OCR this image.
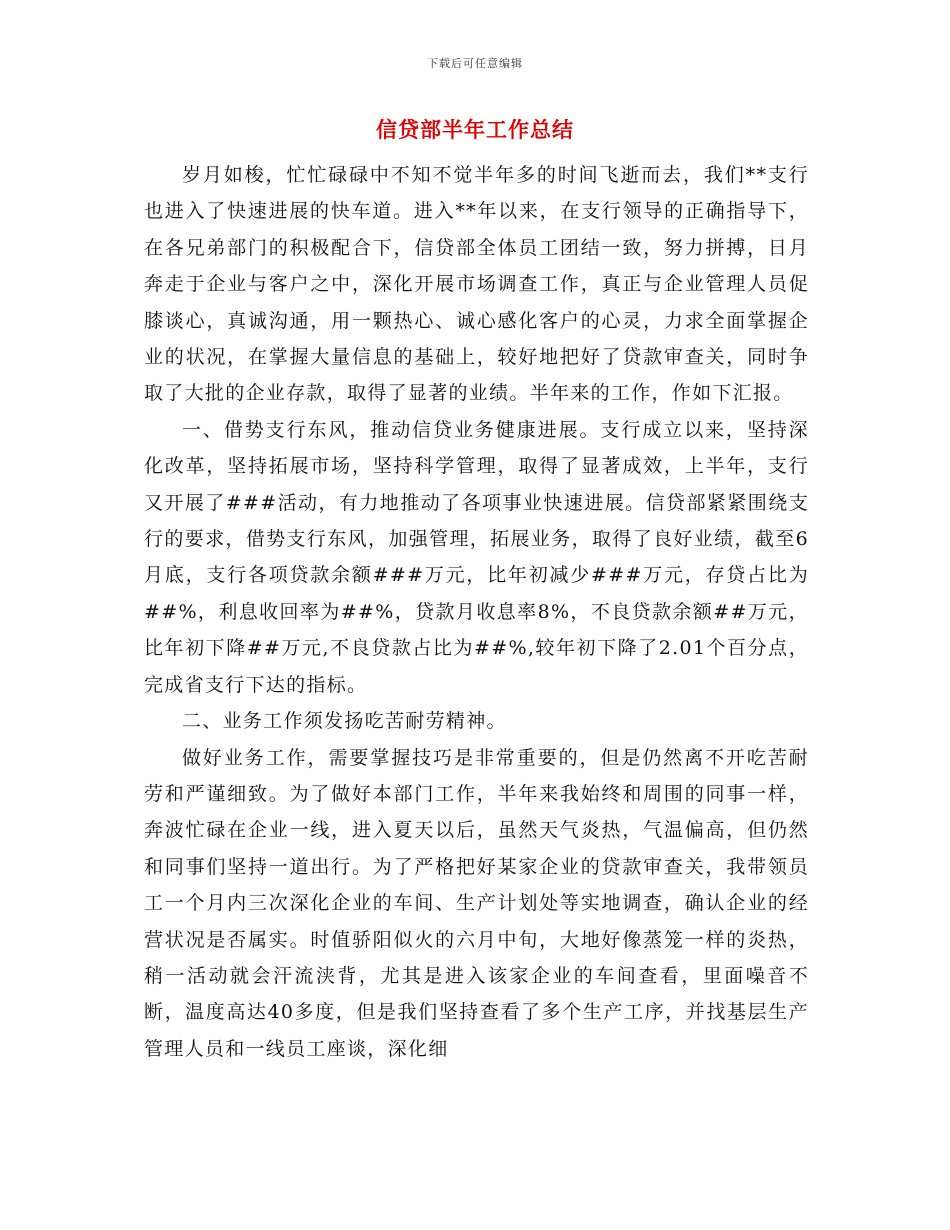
下载后可任意编辑
信贷部半年工作总结

岁月如梭，忙忙碌碌中不知不觉半年多的时间飞逝而去，我们**支行也进入了快速进展的快车道。进入**年以来，在支行领导的正确指导下，在各兄弟部门的积极配合下，信贷部全体员工团结一致，努力拼搏，日月奔走于企业与客户之中，深化开展市场调查工作，真正与企业管理人员促膝谈心，真诚沟通，用一颗热心、诚心感化客户的心灵，力求全面掌握企业的状况，在掌握大量信息的基础上，较好地把好了贷款审查关，同时争取了大批的企业存款，取得了显著的业绩。半年来的工作，作如下汇报。

一、借势支行东风，推动信贷业务健康进展。支行成立以来，坚持深化改革，坚持拓展市场，坚持科学管理，取得了显著成效，上半年，支行又开展了###活动，有力地推动了各项事业快速进展。信贷部紧紧围绕支行的要求，借势支行东风，加强管理，拓展业务，取得了良好业绩，截至6月底，支行各项贷款余额###万元，比年初减少###万元，存贷占比为##%，利息收回率为##%，贷款月收息率8%，不良贷款余额##万元，比年初下降##万元,不良贷款占比为##%,较年初下降了2.01个百分点，完成省支行下达的指标。

二、业务工作须发扬吃苦耐劳精神。

做好业务工作，需要掌握技巧是非常重要的，但是仍然离不开吃苦耐劳和严谨细致。为了做好本部门工作，半年来我始终和周围的同事一样，奔波忙碌在企业一线，进入夏天以后，虽然天气炎热，气温偏高，但仍然和同事们坚持一道出行。为了严格把好某家企业的贷款审查关，我带领员工一个月内三次深化企业的车间、生产计划处等实地调查，确认企业的经营状况是否属实。时值骄阳似火的六月中旬，大地好像蒸笼一样的炎热，稍一活动就会汗流浃背，尤其是进入该家企业的车间查看，里面噪音不断，温度高达40多度，但是我们坚持查看了多个生产工序，并找基层生产管理人员和一线员工座谈，深化细
